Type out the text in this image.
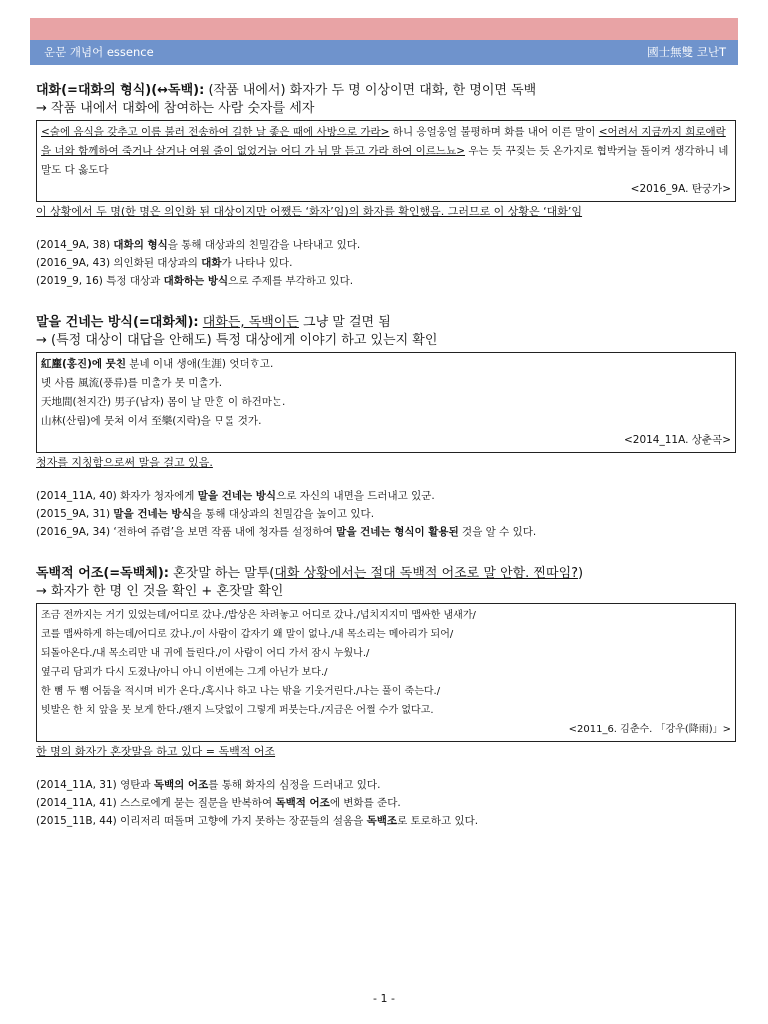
운문 개념어 essence	國士無雙 코난T

대화(=대화의 형식)(↔독백): (작품 내에서) 화자가 두 명 이상이면 대화, 한 명이면 독백

→ 작품 내에서 대화에 참여하는 사람 숫자를 세자

<술에 음식을 갖추고 이름 불러 전송하여 길한 날 좋은 때에 사방으로 가라> 하니 응얼웅얼 불평하며 화를 내어 이른 말이 <어려서 지금까지 희로애락을 너와 함께하여 죽거나 살거나 여읠 줄이 없었거늘 어디 가 뉘 말 듣고 가라 하여 이르느뇨> 우는 듯 꾸짖는 듯 온가지로 협박커늘 돌이켜 생각하니 네 말도 다 옳도다
<2016_9A. 탄궁가>

이 상황에서 두 명(한 명은 의인화 된 대상이지만 어쨌든 ‘화자’임)의 화자를 확인했음. 그러므로 이 상황은 ‘대화’임

(2014_9A, 38) 대화의 형식을 통해 대상과의 친밀감을 나타내고 있다.

(2016_9A, 43) 의인화된 대상과의 대화가 나타나 있다.

(2019_9, 16) 특정 대상과 대화하는 방식으로 주제를 부각하고 있다.

말을 건네는 방식(=대화체): 대화든, 독백이든 그냥 말 걸면 됨

→ (특정 대상이 대답을 안해도) 특정 대상에게 이야기 하고 있는지 확인

紅塵(홍진)에 뭇친 분네 이내 생애(生涯) 엇더ᄒᆞ고.
녯 사름 風流(풍류)를 미ᄎᆞᆯ가 못 미ᄎᆞᆯ가.
天地間(천지간) 男子(남자) 몸이 날 만ᄒᆞᆫ 이 하건마ᄂᆞᆫ.
山林(산림)에 뭇쳐 이셔 至樂(지락)을 ᄆᆞᄅᆞᆯ 것가.
<2014_11A. 상춘곡>

청자를 지칭함으로써 말을 걸고 있음.

(2014_11A, 40) 화자가 청자에게 말을 건네는 방식으로 자신의 내면을 드러내고 있군.

(2015_9A, 31) 말을 건네는 방식을 통해 대상과의 친밀감을 높이고 있다.

(2016_9A, 34) ‘전하여 쥬렴’을 보면 작품 내에 청자를 설정하여 말을 건네는 형식이 활용된 것을 알 수 있다.

독백적 어조(=독백체): 혼잣말 하는 말투(대화 상황에서는 절대 독백적 어조로 말 안함. 찐따임?)

→ 화자가 한 명 인 것을 확인 + 혼잣말 확인

조금 전까지는 거기 있었는데/어디로 갔나./밥상은 차려놓고 어디로 갔나./넙치지지미 맵싸한 냄새가/
코를 맵싸하게 하는데/어디로 갔나./이 사람이 갑자기 왜 말이 없나./내 목소리는 메아리가 되어/
되돌아온다./내 목소리만 내 귀에 들린다./이 사람이 어디 가서 잠시 누웠나./
옆구리 담괴가 다시 도졌나/아니 아니 이번에는 그게 아닌가 보다./
한 뼘 두 뼘 어둠을 적시며 비가 온다./혹시나 하고 나는 밖을 기웃거린다./나는 풀이 죽는다./
빗발은 한 치 앞을 못 보게 한다./왠지 느닷없이 그렇게 퍼붓는다./지금은 어쩔 수가 없다고.
<2011_6. 김춘수. 「강우(降雨)」>

한 명의 화자가 혼잣말을 하고 있다 = 독백적 어조

(2014_11A, 31) 영탄과 독백의 어조를 통해 화자의 심정을 드러내고 있다.

(2014_11A, 41) 스스로에게 묻는 질문을 반복하여 독백적 어조에 변화를 준다.

(2015_11B, 44) 이리저리 떠돌며 고향에 가지 못하는 장꾼들의 설움을 독백조로 토로하고 있다.

- 1 -
